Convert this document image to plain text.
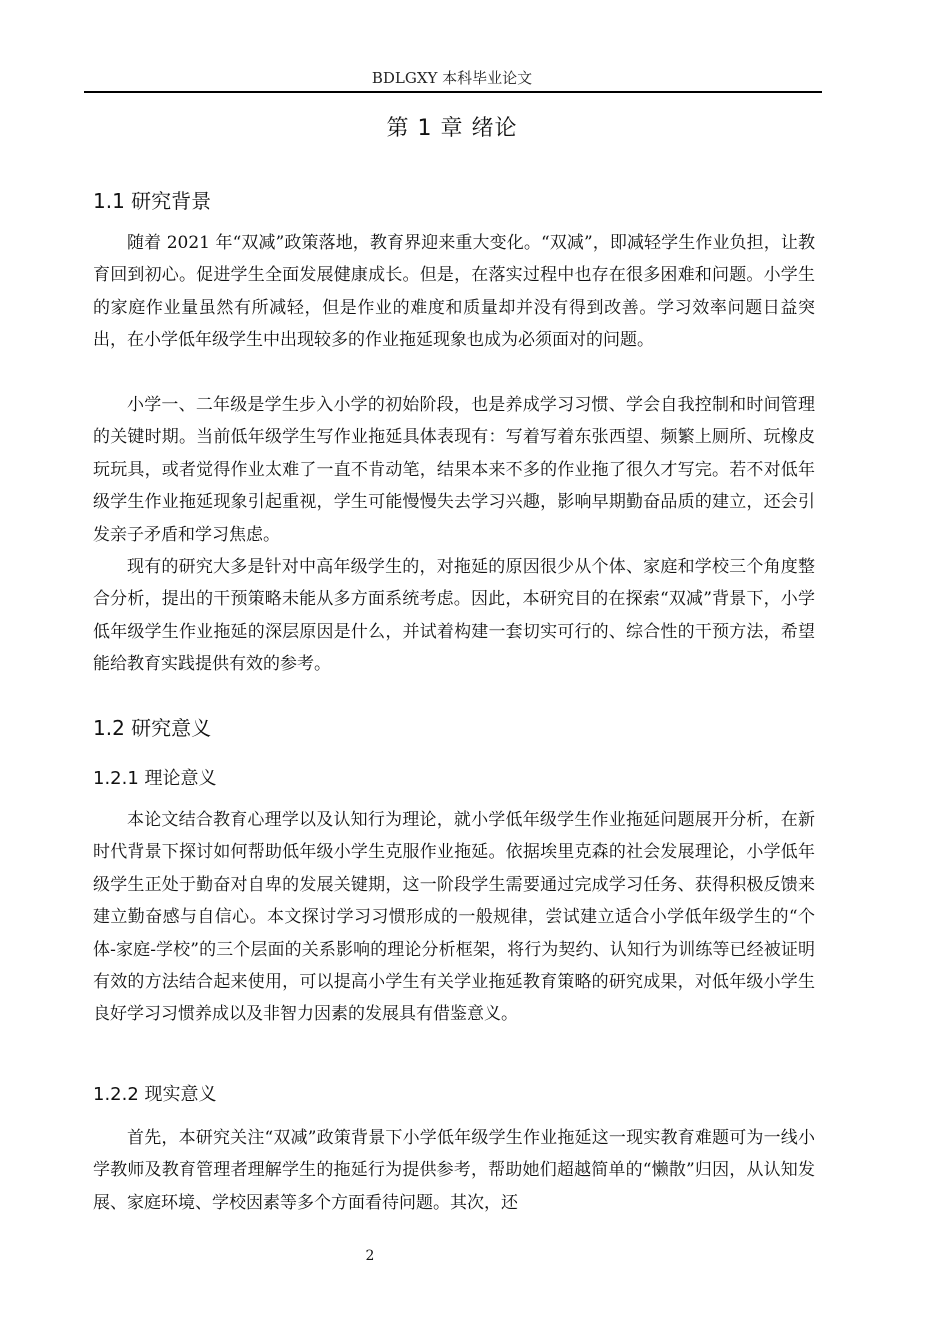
BDLGXY 本科毕业论文
第 1 章 绪论
1.1 研究背景

随着 2021 年“双减”政策落地，教育界迎来重大变化。“双减”，即减轻学生作业负担，让教育回到初心。促进学生全面发展健康成长。但是，在落实过程中也存在很多困难和问题。小学生的家庭作业量虽然有所减轻，但是作业的难度和质量却并没有得到改善。学习效率问题日益突出，在小学低年级学生中出现较多的作业拖延现象也成为必须面对的问题。

小学一、二年级是学生步入小学的初始阶段，也是养成学习习惯、学会自我控制和时间管理的关键时期。当前低年级学生写作业拖延具体表现有：写着写着东张西望、频繁上厕所、玩橡皮玩玩具，或者觉得作业太难了一直不肯动笔，结果本来不多的作业拖了很久才写完。若不对低年级学生作业拖延现象引起重视，学生可能慢慢失去学习兴趣，影响早期勤奋品质的建立，还会引发亲子矛盾和学习焦虑。

现有的研究大多是针对中高年级学生的，对拖延的原因很少从个体、家庭和学校三个角度整合分析，提出的干预策略未能从多方面系统考虑。因此，本研究目的在探索“双减”背景下，小学低年级学生作业拖延的深层原因是什么，并试着构建一套切实可行的、综合性的干预方法，希望能给教育实践提供有效的参考。

1.2 研究意义
1.2.1 理论意义

本论文结合教育心理学以及认知行为理论，就小学低年级学生作业拖延问题展开分析，在新时代背景下探讨如何帮助低年级小学生克服作业拖延。依据埃里克森的社会发展理论，小学低年级学生正处于勤奋对自卑的发展关键期，这一阶段学生需要通过完成学习任务、获得积极反馈来建立勤奋感与自信心。本文探讨学习习惯形成的一般规律，尝试建立适合小学低年级学生的“个体-家庭-学校”的三个层面的关系影响的理论分析框架，将行为契约、认知行为训练等已经被证明有效的方法结合起来使用，可以提高小学生有关学业拖延教育策略的研究成果，对低年级小学生良好学习习惯养成以及非智力因素的发展具有借鉴意义。

1.2.2 现实意义

首先，本研究关注“双减”政策背景下小学低年级学生作业拖延这一现实教育难题可为一线小学教师及教育管理者理解学生的拖延行为提供参考，帮助她们超越简单的“懒散”归因，从认知发展、家庭环境、学校因素等多个方面看待问题。其次，还

2
